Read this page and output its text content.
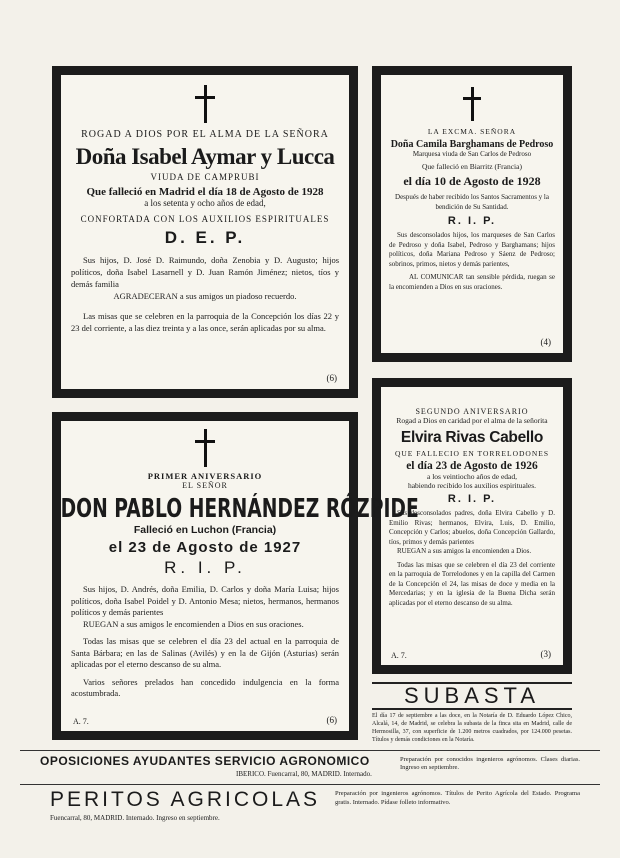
ROGAD A DIOS POR EL ALMA DE LA SEÑORA

Doña Isabel Aymar y Lucca

VIUDA DE CAMPRUBI

Que falleció en Madrid el día 18 de Agosto de 1928

a los setenta y ocho años de edad,

CONFORTADA CON LOS AUXILIOS ESPIRITUALES

D. E. P.

Sus hijos, D. José D. Raimundo, doña Zenobia y D. Augusto; hijos políticos, doña Isabel Lasarnell y D. Juan Ramón Jiménez; nietos, tíos y demás familia

AGRADECERAN a sus amigos un piadoso recuerdo.

Las misas que se celebren en la parroquia de la Concepción los días 22 y 23 del corriente, a las diez treinta y a las once, serán aplicadas por su alma.

(6)

LA EXCMA. SEÑORA

Doña Camila Barghamans de Pedroso

Marquesa viuda de San Carlos de Pedroso

Que falleció en Biarritz (Francia)

el día 10 de Agosto de 1928

Después de haber recibido los Santos Sacramentos y la bendición de Su Santidad.

R. I. P.

Sus desconsolados hijos, los marqueses de San Carlos de Pedroso y doña Isabel, Pedroso y Barghamans; hijos políticos, doña Mariana Pedroso y Sáenz de Pedroso; sobrinos, primos, nietos y demás parientes,

AL COMUNICAR tan sensible pérdida, ruegan se la encomienden a Dios en sus oraciones.

(4)

SEGUNDO ANIVERSARIO

Rogad a Dios en caridad por el alma de la señorita

Elvira Rivas Cabello

QUE FALLECIO EN TORRELODONES

el día 23 de Agosto de 1926

a los veintiocho años de edad,

habiendo recibido los auxilios espirituales.

R. I. P.

Sus desconsolados padres, doña Elvira Cabello y D. Emilio Rivas; hermanos, Elvira, Luis, D. Emilio, Concepción y Carlos; abuelos, doña Concepción Gallardo, tíos, primos y demás parientes

RUEGAN a sus amigos la encomienden a Dios.

Todas las misas que se celebren el día 23 del corriente en la parroquia de Torrelodones y en la capilla del Carmen de la Concepción el 24, las misas de doce y media en la Mercedarias; y en la iglesia de la Buena Dicha serán aplicadas por el eterno descanso de su alma.

A. 7.	(3)

PRIMER ANIVERSARIO

EL SEÑOR

DON PABLO HERNÁNDEZ RÓZPIDE

Falleció en Luchon (Francia)

el 23 de Agosto de 1927

R. I. P.

Sus hijos, D. Andrés, doña Emilia, D. Carlos y doña María Luisa; hijos políticos, doña Isabel Poidel y D. Antonio Mesa; nietos, hermanos, hermanos políticos y demás parientes

RUEGAN a sus amigos le encomienden a Dios en sus oraciones.

Todas las misas que se celebren el día 23 del actual en la parroquia de Santa Bárbara; en las de Salinas (Avilés) y en la de Gijón (Asturias) serán aplicadas por el eterno descanso de su alma.

Varios señores prelados han concedido indulgencia en la forma acostumbrada.

A. 7.	(6)

SUBASTA

El día 17 de septiembre a las doce, en la Notaría de D. Eduardo López Chico, Alcalá, 14, de Madrid, se celebra la subasta de la finca sita en Madrid, calle de Hermosilla, 37, con superficie de 1.200 metros cuadrados, por 124.000 pesetas. Títulos y demás condiciones en la Notaría.

OPOSICIONES AYUDANTES SERVICIO AGRONOMICO

IBERICO. Fuencarral, 80, MADRID. Internado.

Preparación por conocidos ingenieros agrónomos. Clases diarias. Ingreso en septiembre.

PERITOS AGRICOLAS

Fuencarral, 80, MADRID. Internado. Ingreso en septiembre.

Preparación por ingenieros agrónomos. Títulos de Perito Agrícola del Estado. Programa gratis. Internado. Pídase folleto informativo.
